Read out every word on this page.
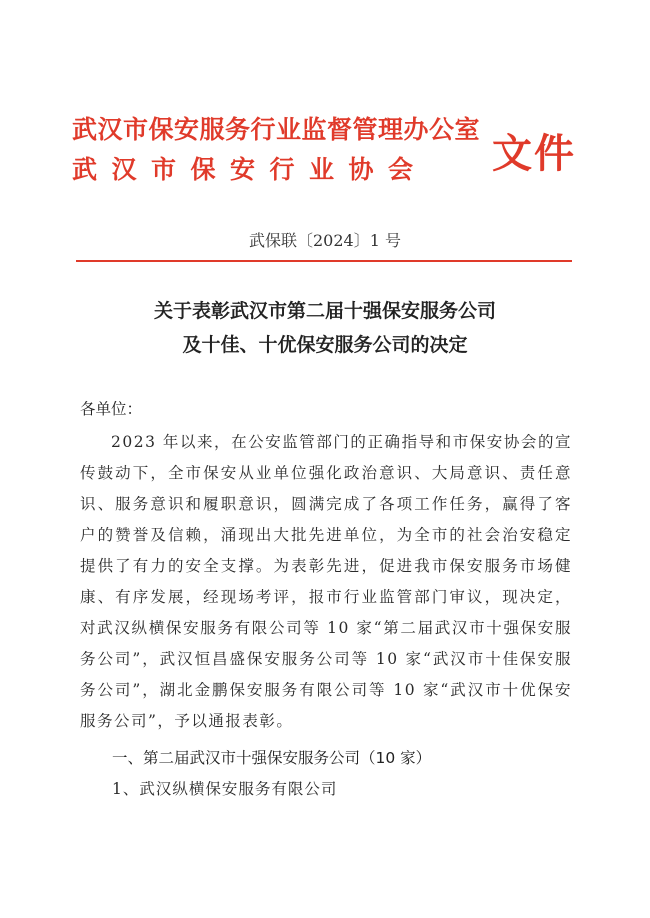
武汉市保安服务行业监督管理办公室

武汉市保安行业协会 文件

武保联〔2024〕1 号
关于表彰武汉市第二届十强保安服务公司
及十佳、十优保安服务公司的决定
各单位：

2023 年以来，在公安监管部门的正确指导和市保安协会的宣传鼓动下，全市保安从业单位强化政治意识、大局意识、责任意识、服务意识和履职意识，圆满完成了各项工作任务，赢得了客户的赞誉及信赖，涌现出大批先进单位，为全市的社会治安稳定提供了有力的安全支撑。为表彰先进，促进我市保安服务市场健康、有序发展，经现场考评，报市行业监管部门审议，现决定，对武汉纵横保安服务有限公司等 10 家“第二届武汉市十强保安服务公司”，武汉恒昌盛保安服务公司等 10 家“武汉市十佳保安服务公司”，湖北金鹏保安服务有限公司等 10 家“武汉市十优保安服务公司”，予以通报表彰。

一、第二届武汉市十强保安服务公司（10 家）

1、武汉纵横保安服务有限公司
